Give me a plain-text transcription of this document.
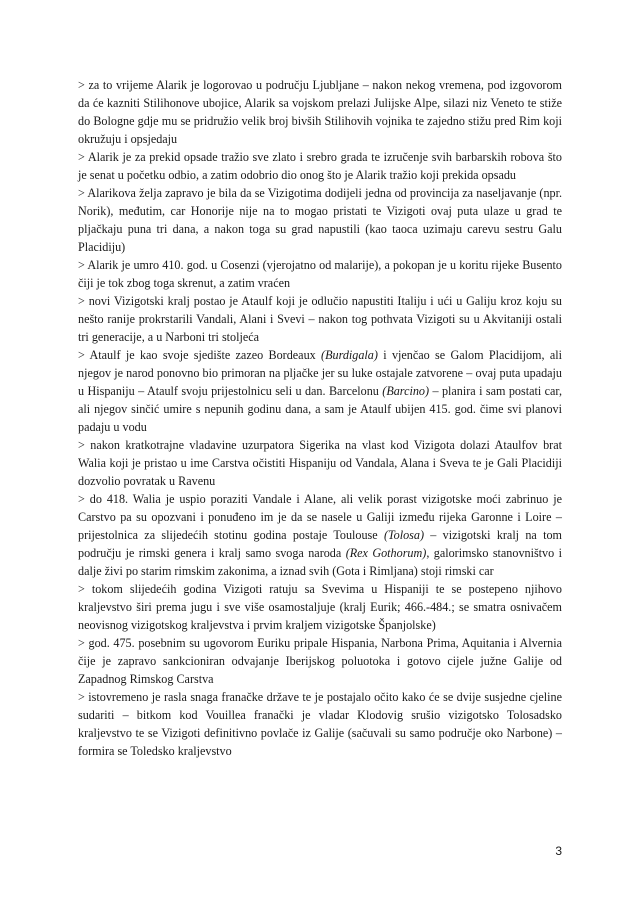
> za to vrijeme Alarik je logorovao u području Ljubljane – nakon nekog vremena, pod izgovorom da će kazniti Stilihonove ubojice, Alarik sa vojskom prelazi Julijske Alpe, silazi niz Veneto te stiže do Bologne gdje mu se pridružio velik broj bivših Stilihovih vojnika te zajedno stižu pred Rim koji okružuju i opsjedaju

> Alarik je za prekid opsade tražio sve zlato i srebro grada te izručenje svih barbarskih robova što je senat u početku odbio, a zatim odobrio dio onog što je Alarik tražio koji prekida opsadu

> Alarikova želja zapravo je bila da se Vizigotima dodijeli jedna od provincija za naseljavanje (npr. Norik), međutim, car Honorije nije na to mogao pristati te Vizigoti ovaj puta ulaze u grad te pljačkaju puna tri dana, a nakon toga su grad napustili (kao taoca uzimaju carevu sestru Galu Placidiju)

> Alarik je umro 410. god. u Cosenzi (vjerojatno od malarije), a pokopan je u koritu rijeke Busento čiji je tok zbog toga skrenut, a zatim vraćen

> novi Vizigotski kralj postao je Ataulf koji je odlučio napustiti Italiju i ući u Galiju kroz koju su nešto ranije prokrstarili Vandali, Alani i Svevi – nakon tog pothvata Vizigoti su u Akvitaniji ostali tri generacije, a u Narboni tri stoljeća

> Ataulf je kao svoje sjedište zazeo Bordeaux (Burdigala) i vjenčao se Galom Placidijom, ali njegov je narod ponovno bio primoran na pljačke jer su luke ostajale zatvorene – ovaj puta upadaju u Hispaniju – Ataulf svoju prijestolnicu seli u dan. Barcelonu (Barcino) – planira i sam postati car, ali njegov sinčić umire s nepunih godinu dana, a sam je Ataulf ubijen 415. god. čime svi planovi padaju u vodu

> nakon kratkotrajne vladavine uzurpatora Sigerika na vlast kod Vizigota dolazi Ataulfov brat Walia koji je pristao u ime Carstva očistiti Hispaniju od Vandala, Alana i Sveva te je Gali Placidiji dozvolio povratak u Ravenu

> do 418. Walia je uspio poraziti Vandale i Alane, ali velik porast vizigotske moći zabrinuo je Carstvo pa su opozvani i ponuđeno im je da se nasele u Galiji između rijeka Garonne i Loire – prijestolnica za slijedećih stotinu godina postaje Toulouse (Tolosa) – vizigotski kralj na tom području je rimski genera i kralj samo svoga naroda (Rex Gothorum), galorimsko stanovništvo i dalje živi po starim rimskim zakonima, a iznad svih (Gota i Rimljana) stoji rimski car

> tokom slijedećih godina Vizigoti ratuju sa Svevima u Hispaniji te se postepeno njihovo kraljevstvo širi prema jugu i sve više osamostaljuje (kralj Eurik; 466.-484.; se smatra osnivačem neovisnog vizigotskog kraljevstva i prvim kraljem vizigotske Španjolske)

> god. 475. posebnim su ugovorom Euriku pripale Hispania, Narbona Prima, Aquitania i Alvernia čije je zapravo sankcioniran odvajanje Iberijskog poluotoka i gotovo cijele južne Galije od Zapadnog Rimskog Carstva

> istovremeno je rasla snaga franačke države te je postajalo očito kako će se dvije susjedne cjeline sudariti – bitkom kod Vouillea franački je vladar Klodovig srušio vizigotsko Tolosadsko kraljevstvo te se Vizigoti definitivno povlače iz Galije (sačuvali su samo područje oko Narbone) – formira se Toledsko kraljevstvo

3
